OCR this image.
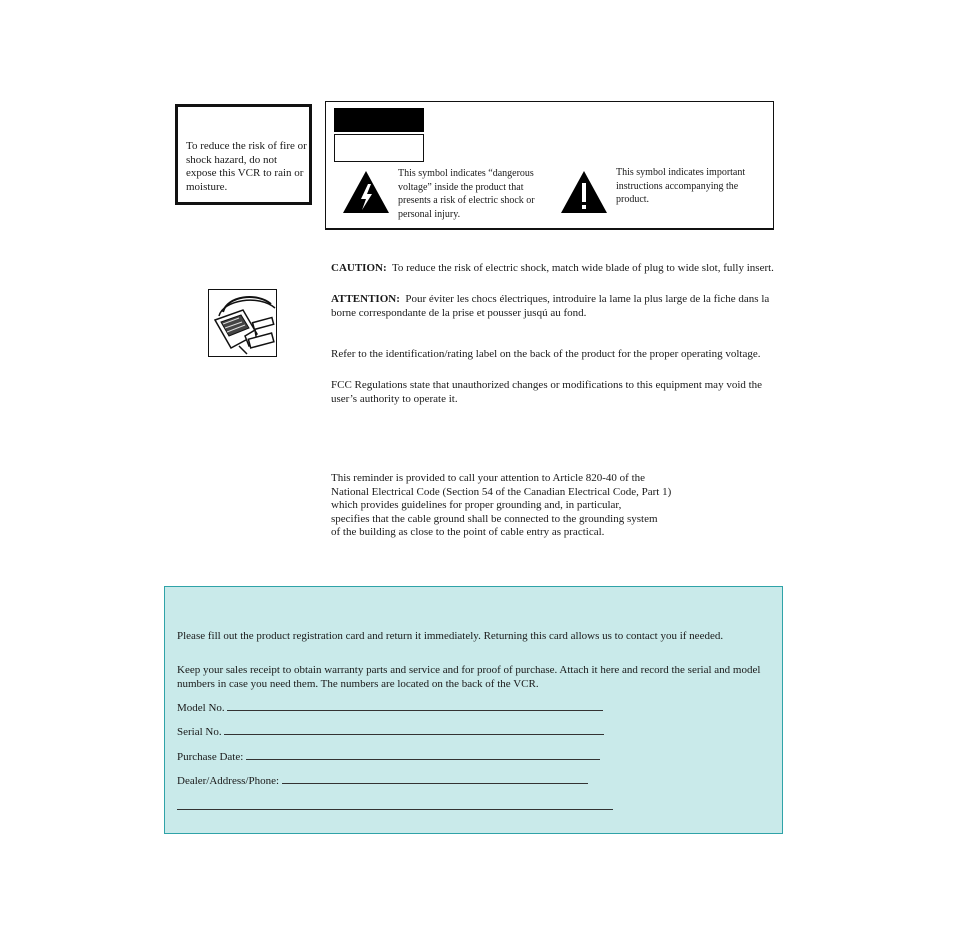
To reduce the risk of fire or shock hazard, do not expose this VCR to rain or moisture.
This symbol indicates “dangerous voltage” inside the product that presents a risk of electric shock or personal injury.
This symbol indicates important instructions accompanying the product.
CAUTION: To reduce the risk of electric shock, match wide blade of plug to wide slot, fully insert.
ATTENTION: Pour éviter les chocs électriques, introduire la lame la plus large de la fiche dans la borne correspondante de la prise et pousser jusqú au fond.
Refer to the identification/rating label on the back of the product for the proper operating voltage.
FCC Regulations state that unauthorized changes or modifications to this equipment may void the user’s authority to operate it.
This reminder is provided to call your attention to Article 820-40 of the
National Electrical Code (Section 54 of the Canadian Electrical Code, Part 1)
which provides guidelines for proper grounding and, in particular,
specifies that the cable ground shall be connected to the grounding system
of the building as close to the point of cable entry as practical.
Please fill out the product registration card and return it immediately. Returning this card allows us to contact you if needed.
Keep your sales receipt to obtain warranty parts and service and for proof of purchase. Attach it here and record the serial and model numbers in case you need them. The numbers are located on the back of the VCR.
Model No.
Serial No.
Purchase Date:
Dealer/Address/Phone:
